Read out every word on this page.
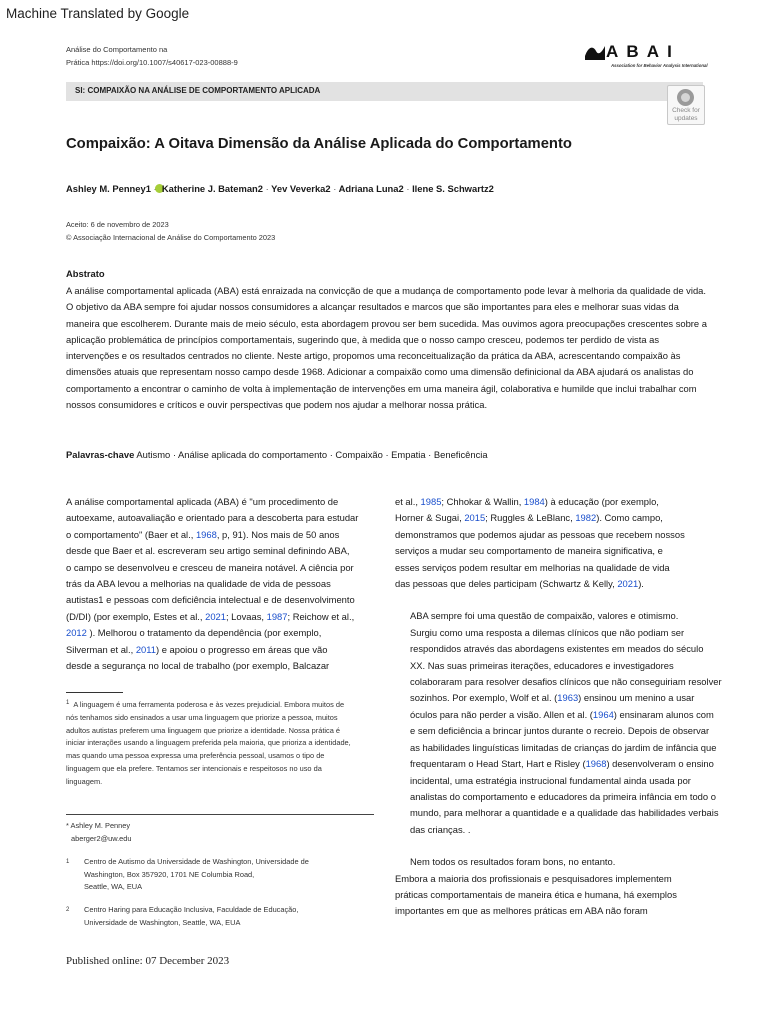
Machine Translated by Google
Análise do Comportamento na
Prática https://doi.org/10.1007/s40617-023-00888-9
A B A I
Association for Behavior Analysis International
SI: COMPAIXÃO NA ANÁLISE DE COMPORTAMENTO APLICADA
Check for
updates
Compaixão: A Oitava Dimensão da Análise Aplicada do Comportamento
Ashley M. Penney1 Katherine J. Bateman2 · Yev Veverka2 · Adriana Luna2 · Ilene S. Schwartz2
Aceito: 6 de novembro de 2023
© Associação Internacional de Análise do Comportamento 2023
Abstrato
A análise comportamental aplicada (ABA) está enraizada na convicção de que a mudança de comportamento pode levar à melhoria da qualidade de vida. O objetivo da ABA sempre foi ajudar nossos consumidores a alcançar resultados e marcos que são importantes para eles e melhorar suas vidas da maneira que escolherem. Durante mais de meio século, esta abordagem provou ser bem sucedida. Mas ouvimos agora preocupações crescentes sobre a aplicação problemática de princípios comportamentais, sugerindo que, à medida que o nosso campo cresceu, podemos ter perdido de vista as intervenções e os resultados centrados no cliente. Neste artigo, propomos uma reconceitualização da prática da ABA, acrescentando compaixão às dimensões atuais que representam nosso campo desde 1968. Adicionar a compaixão como uma dimensão definicional da ABA ajudará os analistas do comportamento a encontrar o caminho de volta à implementação de intervenções em uma maneira ágil, colaborativa e humilde que inclui trabalhar com nossos consumidores e críticos e ouvir perspectivas que podem nos ajudar a melhorar nossa prática.
Palavras-chave Autismo · Análise aplicada do comportamento · Compaixão · Empatia · Beneficência
A análise comportamental aplicada (ABA) é "um procedimento de
autoexame, autoavaliação e orientado para a descoberta para estudar
o comportamento" (Baer et al., 1968, p, 91). Nos mais de 50 anos
desde que Baer et al. escreveram seu artigo seminal definindo ABA,
o campo se desenvolveu e cresceu de maneira notável. A ciência por
trás da ABA levou a melhorias na qualidade de vida de pessoas
autistas1 e pessoas com deficiência intelectual e de desenvolvimento
(D/DI) (por exemplo, Estes et al., 2021; Lovaas, 1987; Reichow et al.,
2012 ). Melhorou o tratamento da dependência (por exemplo,
Silverman et al., 2011) e apoiou o progresso em áreas que vão
desde a segurança no local de trabalho (por exemplo, Balcazar
$^1$ A linguagem é uma ferramenta poderosa e às vezes prejudicial. Embora muitos de
nós tenhamos sido ensinados a usar uma linguagem que priorize a pessoa, muitos
adultos autistas preferem uma linguagem que priorize a identidade. Nossa prática é
iniciar interações usando a linguagem preferida pela maioria, que prioriza a identidade,
mas quando uma pessoa expressa uma preferência pessoal, usamos o tipo de
linguagem que ela prefere. Tentamos ser intencionais e respeitosos no uso da
linguagem.
* Ashley M. Penney
aberger2@uw.edu
1	Centro de Autismo da Universidade de Washington, Universidade de
Washington, Box 357920, 1701 NE Columbia Road,
Seattle, WA, EUA
2	Centro Haring para Educação Inclusiva, Faculdade de Educação,
Universidade de Washington, Seattle, WA, EUA
et al., 1985; Chhokar & Wallin, 1984) à educação (por exemplo,
Horner & Sugai, 2015; Ruggles & LeBlanc, 1982). Como campo,
demonstramos que podemos ajudar as pessoas que recebem nossos
serviços a mudar seu comportamento de maneira significativa, e
esses serviços podem resultar em melhorias na qualidade de vida
das pessoas que deles participam (Schwartz & Kelly, 2021).
ABA sempre foi uma questão de compaixão, valores e otimismo.
Surgiu como uma resposta a dilemas clínicos que não podiam ser
respondidos através das abordagens existentes em meados do século
XX. Nas suas primeiras iterações, educadores e investigadores
colaboraram para resolver desafios clínicos que não conseguiriam resolver
sozinhos. Por exemplo, Wolf et al. (1963) ensinou um menino a usar
óculos para não perder a visão. Allen et al. (1964) ensinaram alunos com
e sem deficiência a brincar juntos durante o recreio. Depois de observar
as habilidades linguísticas limitadas de crianças do jardim de infância que
frequentaram o Head Start, Hart e Risley (1968) desenvolveram o ensino
incidental, uma estratégia instrucional fundamental ainda usada por
analistas do comportamento e educadores da primeira infância em todo o
mundo, para melhorar a quantidade e a qualidade das habilidades verbais
das crianças. .
Nem todos os resultados foram bons, no entanto.
Embora a maioria dos profissionais e pesquisadores implementem
práticas comportamentais de maneira ética e humana, há exemplos
importantes em que as melhores práticas em ABA não foram
Published online: 07 December 2023
